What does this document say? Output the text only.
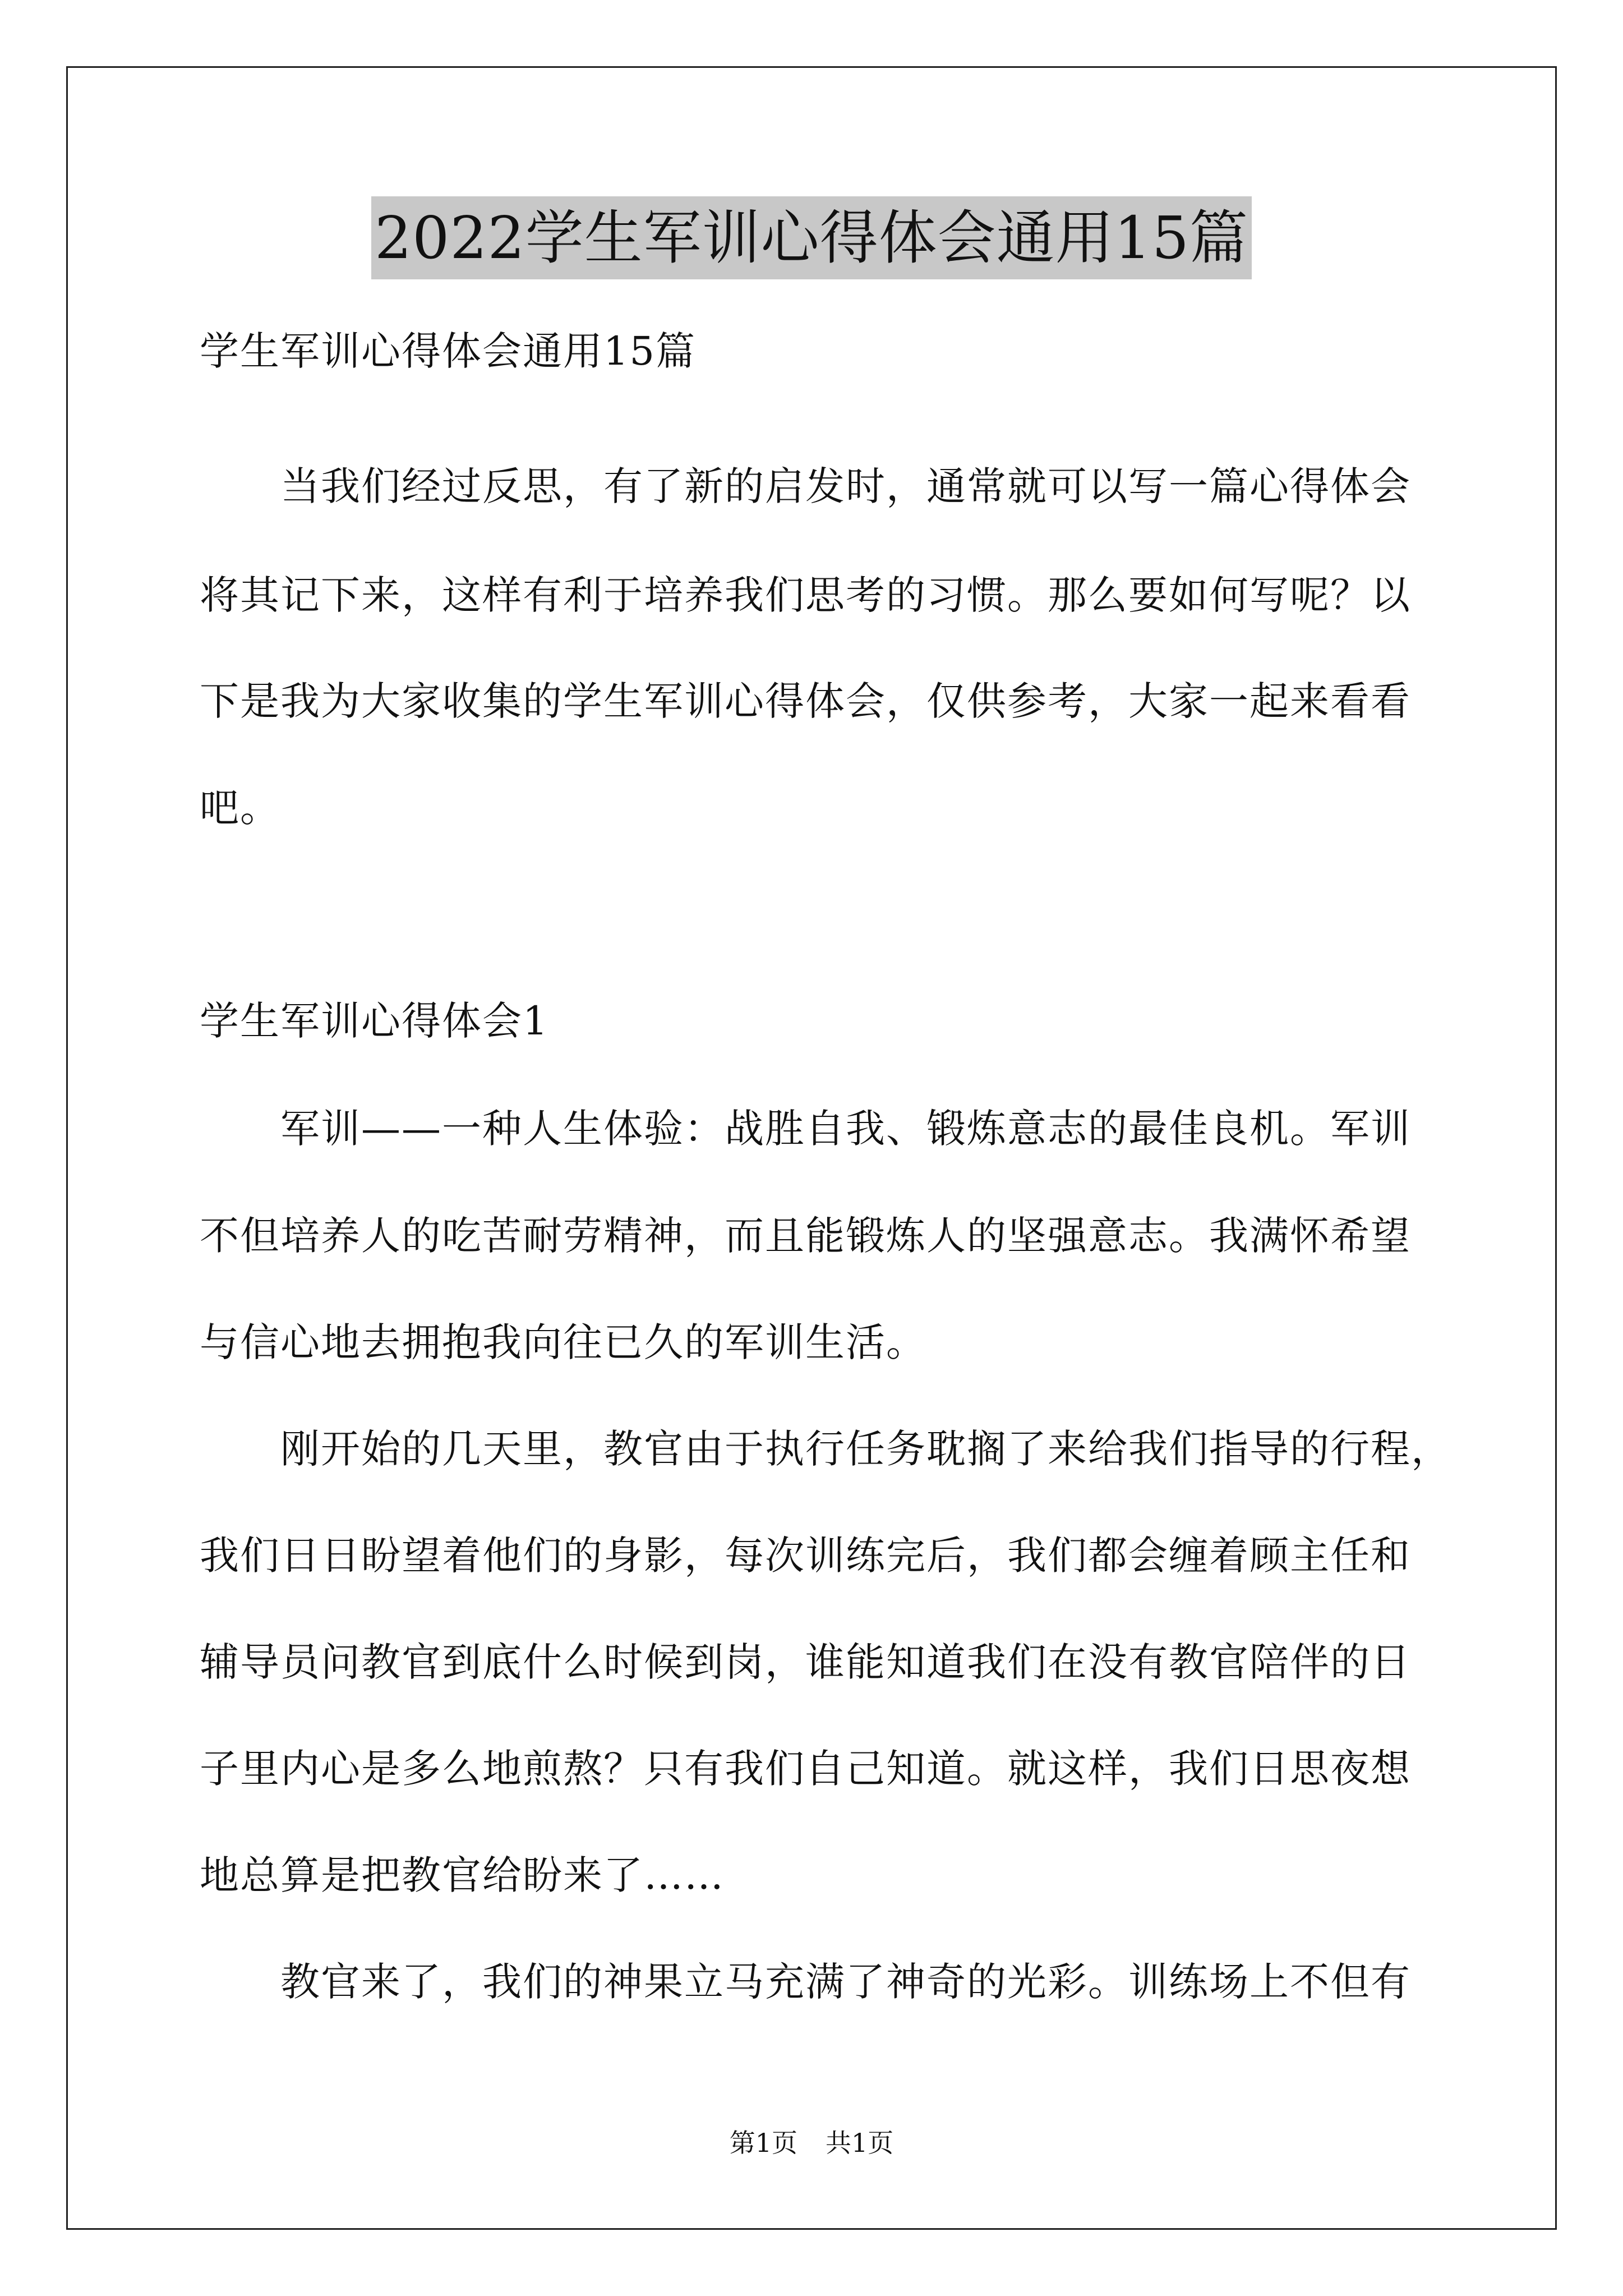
2022学生军训心得体会通用15篇
学生军训心得体会通用15篇
　　当我们经过反思，有了新的启发时，通常就可以写一篇心得体会
将其记下来，这样有利于培养我们思考的习惯。那么要如何写呢？以
下是我为大家收集的学生军训心得体会，仅供参考，大家一起来看看
吧。
学生军训心得体会1
　　军训——一种人生体验：战胜自我、锻炼意志的最佳良机。军训
不但培养人的吃苦耐劳精神，而且能锻炼人的坚强意志。我满怀希望
与信心地去拥抱我向往已久的军训生活。
　　刚开始的几天里，教官由于执行任务耽搁了来给我们指导的行程，
我们日日盼望着他们的身影，每次训练完后，我们都会缠着顾主任和
辅导员问教官到底什么时候到岗，谁能知道我们在没有教官陪伴的日
子里内心是多么地煎熬？只有我们自己知道。就这样，我们日思夜想
地总算是把教官给盼来了……
　　教官来了，我们的神果立马充满了神奇的光彩。训练场上不但有
第1页 共1页
